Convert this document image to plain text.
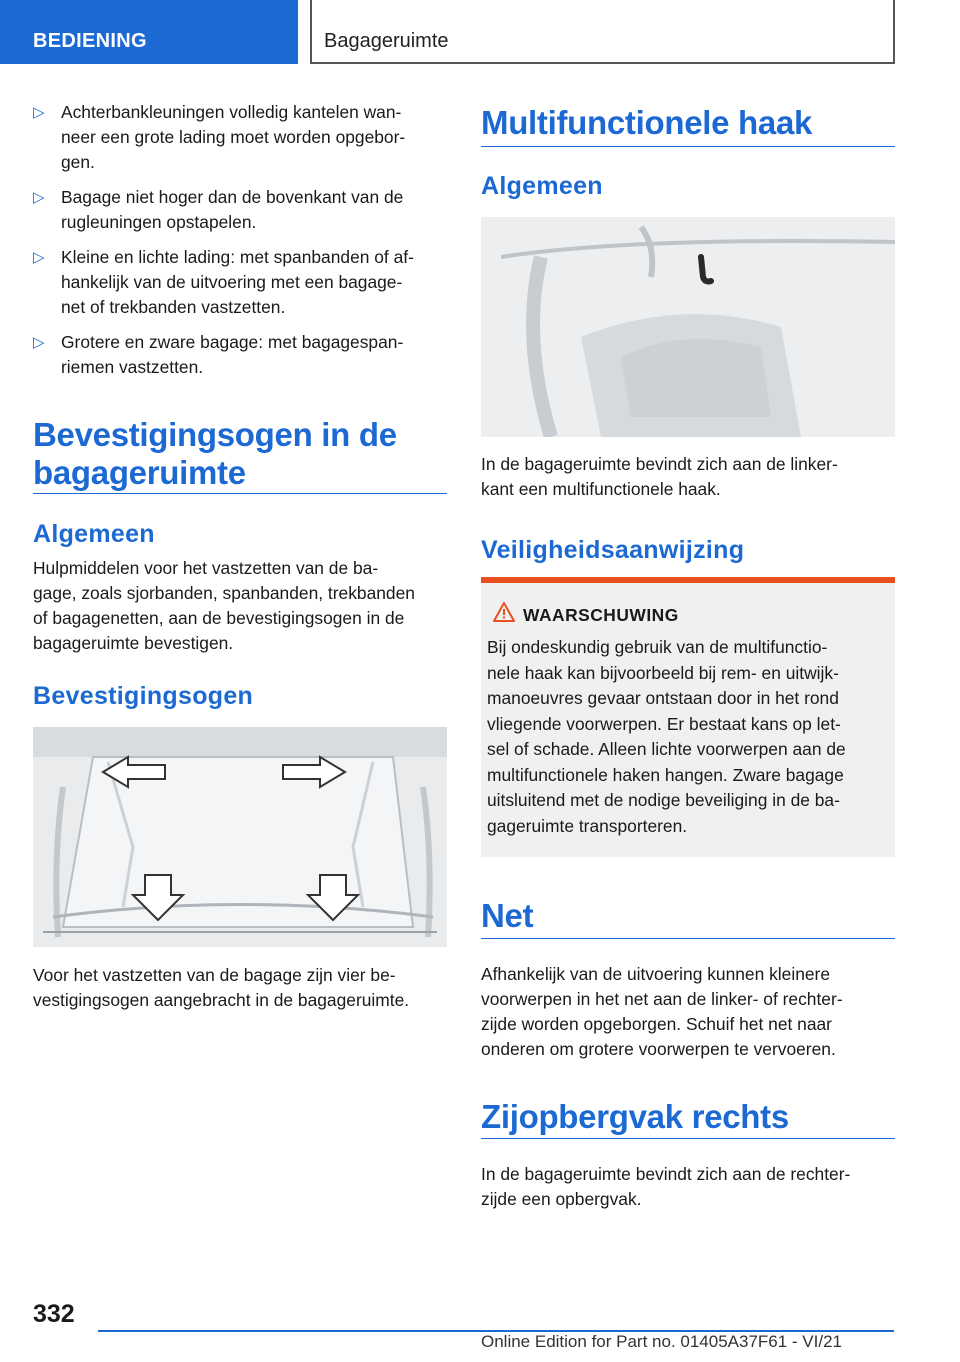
BEDIENING	Bagageruimte
▷ Achterbankleuningen volledig kantelen wan-
neer een grote lading moet worden opgebor-
gen.
▷ Bagage niet hoger dan de bovenkant van de
rugleuningen opstapelen.
▷ Kleine en lichte lading: met spanbanden of af-
hankelijk van de uitvoering met een bagage-
net of trekbanden vastzetten.
▷ Grotere en zware bagage: met bagagespan-
riemen vastzetten.
Bevestigingsogen in de
bagageruimte
Algemeen
Hulpmiddelen voor het vastzetten van de ba-
gage, zoals sjorbanden, spanbanden, trekbanden
of bagagenetten, aan de bevestigingsogen in de
bagageruimte bevestigen.
Bevestigingsogen
Voor het vastzetten van de bagage zijn vier be-
vestigingsogen aangebracht in de bagageruimte.
Multifunctionele haak
Algemeen
In de bagageruimte bevindt zich aan de linker-
kant een multifunctionele haak.
Veiligheidsaanwijzing
WAARSCHUWING
Bij ondeskundig gebruik van de multifunctio-
nele haak kan bijvoorbeeld bij rem- en uitwijk-
manoeuvres gevaar ontstaan door in het rond
vliegende voorwerpen. Er bestaat kans op let-
sel of schade. Alleen lichte voorwerpen aan de
multifunctionele haken hangen. Zware bagage
uitsluitend met de nodige beveiliging in de ba-
gageruimte transporteren.
Net
Afhankelijk van de uitvoering kunnen kleinere
voorwerpen in het net aan de linker- of rechter-
zijde worden opgeborgen. Schuif het net naar
onderen om grotere voorwerpen te vervoeren.
Zijopbergvak rechts
In de bagageruimte bevindt zich aan de rechter-
zijde een opbergvak.
332
Online Edition for Part no. 01405A37F61 - VI/21
